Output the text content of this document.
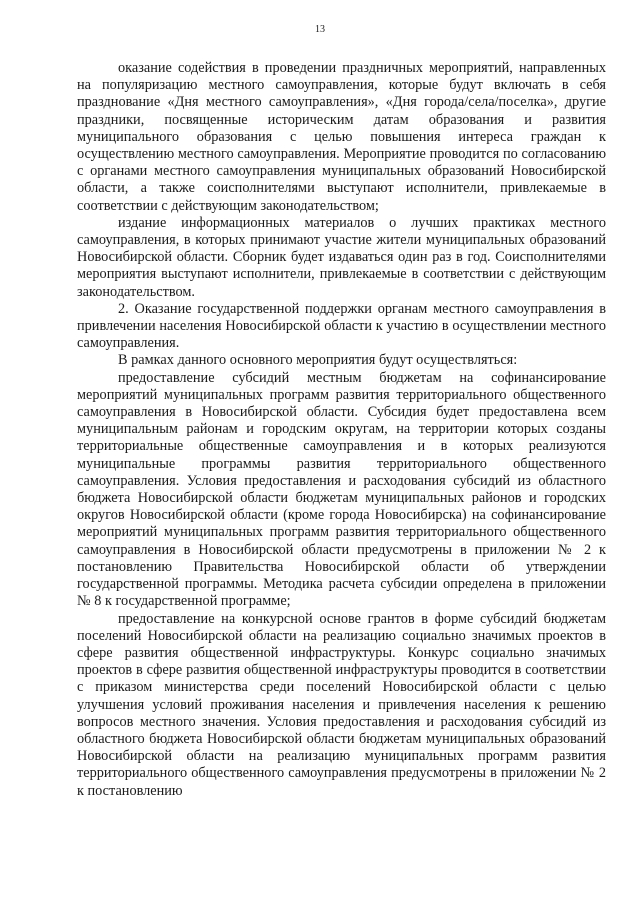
13

оказание содействия в проведении праздничных мероприятий, направленных на популяризацию местного самоуправления, которые будут включать в себя празднование «Дня местного самоуправления», «Дня города/села/поселка», другие праздники, посвященные историческим датам образования и развития муниципального образования с целью повышения интереса граждан к осуществлению местного самоуправления. Мероприятие проводится по согласованию с органами местного самоуправления муниципальных образований Новосибирской области, а также соисполнителями выступают исполнители, привлекаемые в соответствии с действующим законодательством;

издание информационных материалов о лучших практиках местного самоуправления, в которых принимают участие жители муниципальных образований Новосибирской области. Сборник будет издаваться один раз в год. Соисполнителями мероприятия выступают исполнители, привлекаемые в соответствии с действующим законодательством.

2. Оказание государственной поддержки органам местного самоуправления в привлечении населения Новосибирской области к участию в осуществлении местного самоуправления.

В рамках данного основного мероприятия будут осуществляться:

предоставление субсидий местным бюджетам на софинансирование мероприятий муниципальных программ развития территориального общественного самоуправления в Новосибирской области. Субсидия будет предоставлена всем муниципальным районам и городским округам, на территории которых созданы территориальные общественные самоуправления и в которых реализуются муниципальные программы развития территориального общественного самоуправления. Условия предоставления и расходования субсидий из областного бюджета Новосибирской области бюджетам муниципальных районов и городских округов Новосибирской области (кроме города Новосибирска) на софинансирование мероприятий муниципальных программ развития территориального общественного самоуправления в Новосибирской области предусмотрены в приложении № 2 к постановлению Правительства Новосибирской области об утверждении государственной программы. Методика расчета субсидии определена в приложении № 8 к государственной программе;

предоставление на конкурсной основе грантов в форме субсидий бюджетам поселений Новосибирской области на реализацию социально значимых проектов в сфере развития общественной инфраструктуры. Конкурс социально значимых проектов в сфере развития общественной инфраструктуры проводится в соответствии с приказом министерства среди поселений Новосибирской области с целью улучшения условий проживания населения и привлечения населения к решению вопросов местного значения. Условия предоставления и расходования субсидий из областного бюджета Новосибирской области бюджетам муниципальных образований Новосибирской области на реализацию муниципальных программ развития территориального общественного самоуправления предусмотрены в приложении № 2 к постановлению
